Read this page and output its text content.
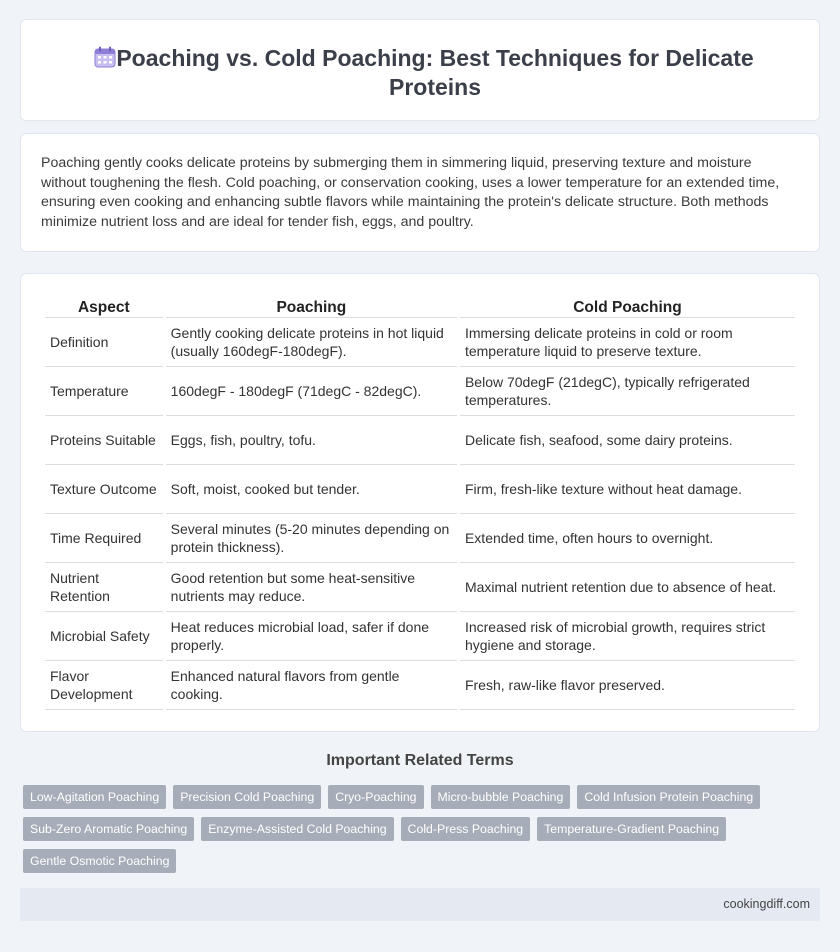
Poaching vs. Cold Poaching: Best Techniques for Delicate Proteins

Poaching gently cooks delicate proteins by submerging them in simmering liquid, preserving texture and moisture without toughening the flesh. Cold poaching, or conservation cooking, uses a lower temperature for an extended time, ensuring even cooking and enhancing subtle flavors while maintaining the protein's delicate structure. Both methods minimize nutrient loss and are ideal for tender fish, eggs, and poultry.

Aspect	Poaching	Cold Poaching
Definition	Gently cooking delicate proteins in hot liquid (usually 160degF-180degF).	Immersing delicate proteins in cold or room temperature liquid to preserve texture.
Temperature	160degF - 180degF (71degC - 82degC).	Below 70degF (21degC), typically refrigerated temperatures.
Proteins Suitable	Eggs, fish, poultry, tofu.	Delicate fish, seafood, some dairy proteins.
Texture Outcome	Soft, moist, cooked but tender.	Firm, fresh-like texture without heat damage.
Time Required	Several minutes (5-20 minutes depending on protein thickness).	Extended time, often hours to overnight.
Nutrient Retention	Good retention but some heat-sensitive nutrients may reduce.	Maximal nutrient retention due to absence of heat.
Microbial Safety	Heat reduces microbial load, safer if done properly.	Increased risk of microbial growth, requires strict hygiene and storage.
Flavor Development	Enhanced natural flavors from gentle cooking.	Fresh, raw-like flavor preserved.
Important Related Terms
Low-Agitation Poaching	Precision Cold Poaching	Cryo-Poaching	Micro-bubble Poaching	Cold Infusion Protein Poaching
Sub-Zero Aromatic Poaching	Enzyme-Assisted Cold Poaching	Cold-Press Poaching	Temperature-Gradient Poaching
Gentle Osmotic Poaching
cookingdiff.com
